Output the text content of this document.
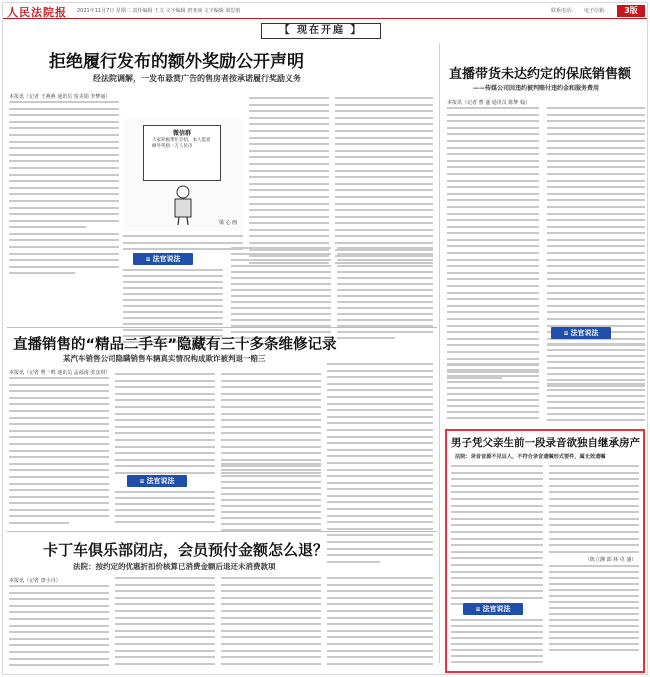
人民法院报 2021年11月7日 星期二 责任编辑 王文 文字编辑 唐亚丽 文字编辑 梁思雨	联系电话： 电子信箱：	3版
【 现在开庭 】
拒绝履行发布的额外奖励公开声明
经法院调解，一发布悬赏广告的售房者按承诺履行奖励义务
本报讯（记者 王燕燕 通讯员 贺美娟 李梦丽）
微信群
大家积极帮忙介绍，本人愿意额外奖励一万人民币
梁 心 画
≡ 法官说法
直播带货未达约定的保底销售额
——传媒公司因违约被判赔付违约金和服务费用
本报讯（记者 曹 盛 通讯员 陈梦 翰）
≡ 法官说法
直播销售的“精品二手车”隐藏有三十多条维修记录
某汽车销售公司隐瞒销售车辆真实情况构成欺诈被判退一赔三
本报讯（记者 曹一鸣 通讯员 孟福南 张彦琪）
≡ 法官说法
卡丁车俱乐部闭店，会员预付金额怎么退？
法院：按约定的优惠折扣价核算已消费金额后退还未消费款项
本报讯（记者 唐小丹）
男子凭父亲生前一段录音欲独自继承房产
法院：录音音源不见证人，不符合录音遗嘱形式要件，属无效遗嘱
（陈立渊 邱 林 卓 盛）
≡ 法官说法
